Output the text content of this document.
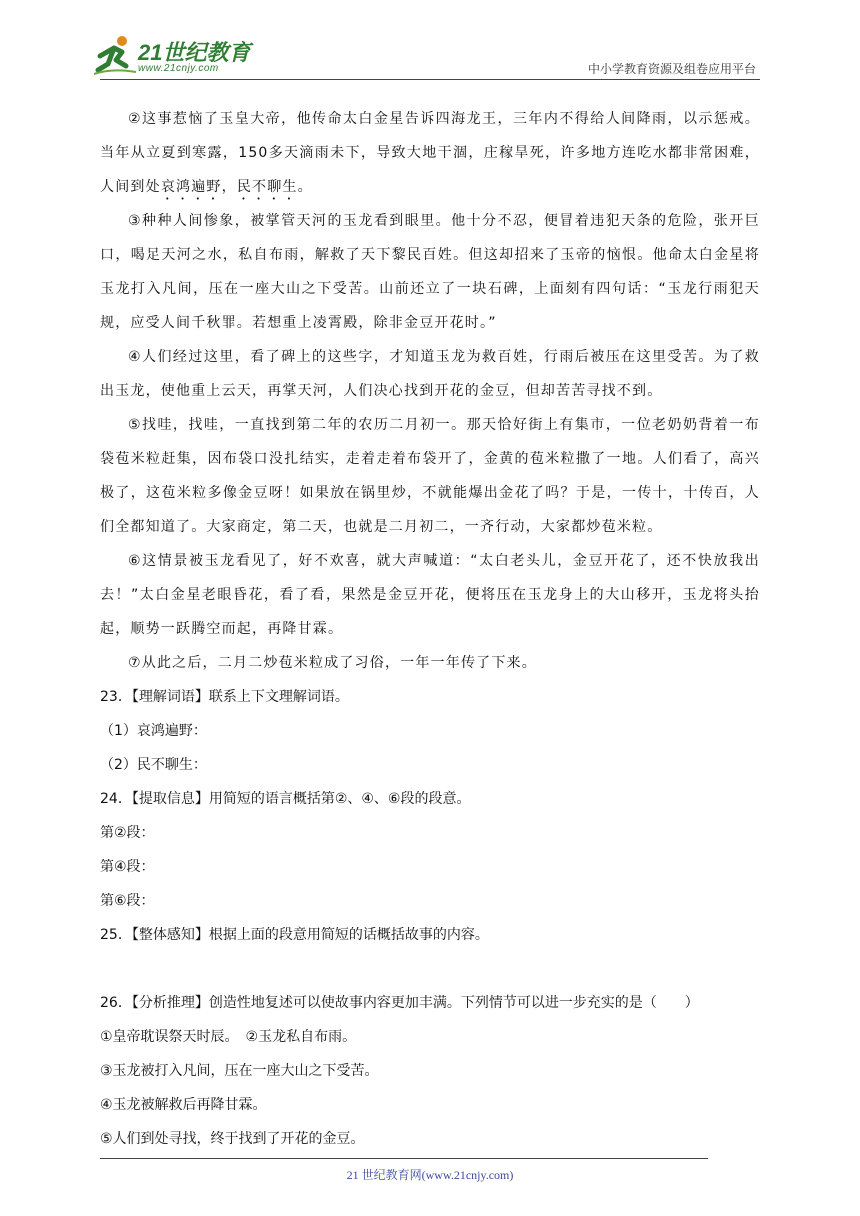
21世纪教育
www.21cnjy.com	中小学教育资源及组卷应用平台

②这事惹恼了玉皇大帝，他传命太白金星告诉四海龙王，三年内不得给人间降雨，以示惩戒。当年从立夏到寒露，150多天滴雨未下，导致大地干涸，庄稼旱死，许多地方连吃水都非常困难，人间到处哀鸿遍野，民不聊生。

③种种人间惨象，被掌管天河的玉龙看到眼里。他十分不忍，便冒着违犯天条的危险，张开巨口，喝足天河之水，私自布雨，解救了天下黎民百姓。但这却招来了玉帝的恼恨。他命太白金星将玉龙打入凡间，压在一座大山之下受苦。山前还立了一块石碑，上面刻有四句话：“玉龙行雨犯天规，应受人间千秋罪。若想重上凌霄殿，除非金豆开花时。”

④人们经过这里，看了碑上的这些字，才知道玉龙为救百姓，行雨后被压在这里受苦。为了救出玉龙，使他重上云天，再掌天河，人们决心找到开花的金豆，但却苦苦寻找不到。

⑤找哇，找哇，一直找到第二年的农历二月初一。那天恰好街上有集市，一位老奶奶背着一布袋苞米粒赶集，因布袋口没扎结实，走着走着布袋开了，金黄的苞米粒撒了一地。人们看了，高兴极了，这苞米粒多像金豆呀！如果放在锅里炒，不就能爆出金花了吗？于是，一传十，十传百，人们全都知道了。大家商定，第二天，也就是二月初二，一齐行动，大家都炒苞米粒。

⑥这情景被玉龙看见了，好不欢喜，就大声喊道：“太白老头儿，金豆开花了，还不快放我出去！”太白金星老眼昏花，看了看，果然是金豆开花，便将压在玉龙身上的大山移开，玉龙将头抬起，顺势一跃腾空而起，再降甘霖。

⑦从此之后，二月二炒苞米粒成了习俗，一年一年传了下来。

23．【理解词语】联系上下文理解词语。

（1）哀鸿遍野：

（2）民不聊生：

24．【提取信息】用简短的语言概括第②、④、⑥段的段意。

第②段：

第④段：

第⑥段：

25．【整体感知】根据上面的段意用简短的话概括故事的内容。

26．【分析推理】创造性地复述可以使故事内容更加丰满。下列情节可以进一步充实的是（　　）

①皇帝耽误祭天时辰。　②玉龙私自布雨。

③玉龙被打入凡间，压在一座大山之下受苦。

④玉龙被解救后再降甘霖。

⑤人们到处寻找，终于找到了开花的金豆。

21 世纪教育网(www.21cnjy.com)
